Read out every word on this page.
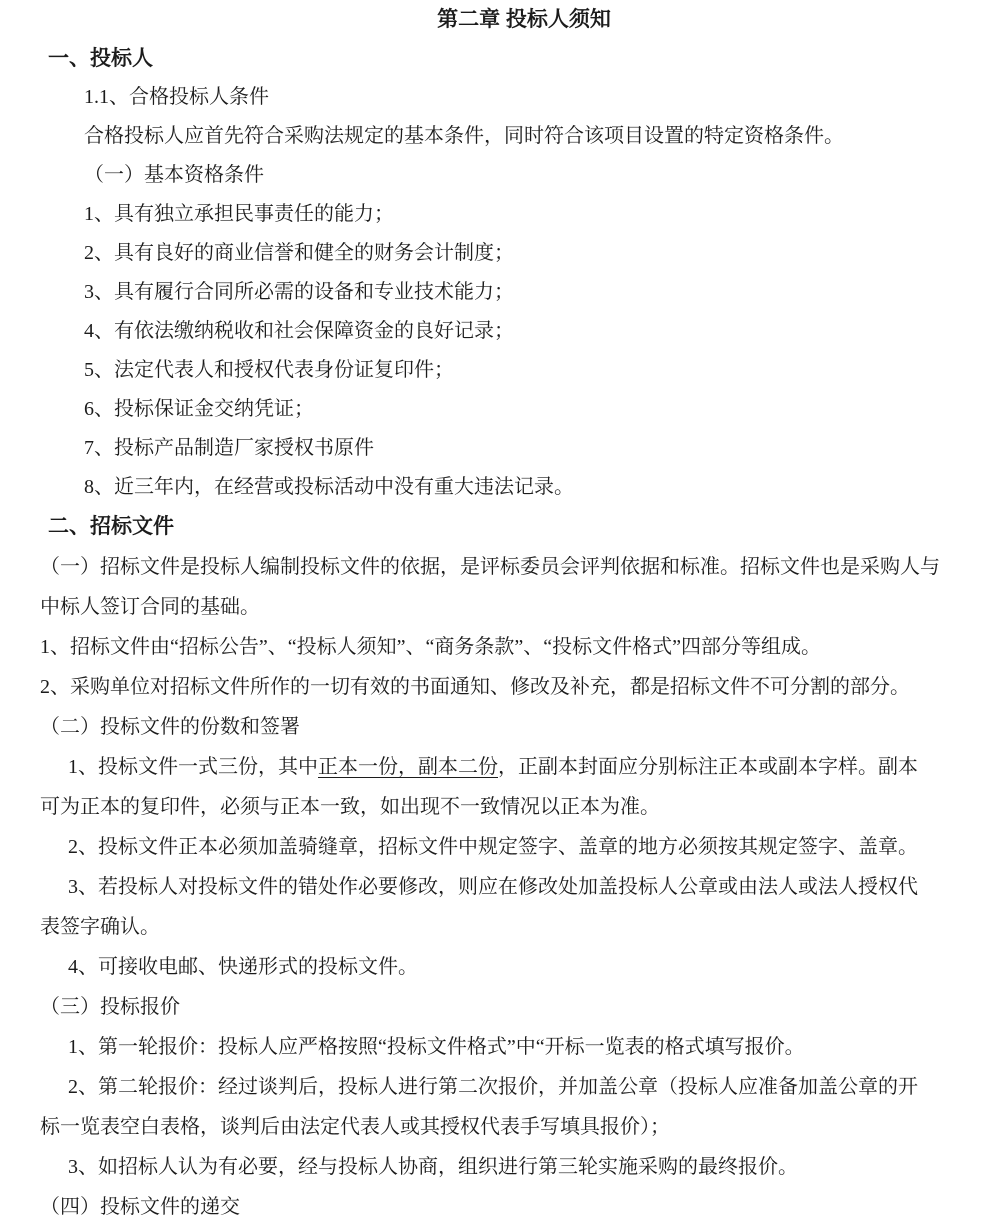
第二章 投标人须知
一、投标人
1.1、合格投标人条件
合格投标人应首先符合采购法规定的基本条件，同时符合该项目设置的特定资格条件。
（一）基本资格条件
1、具有独立承担民事责任的能力；
2、具有良好的商业信誉和健全的财务会计制度；
3、具有履行合同所必需的设备和专业技术能力；
4、有依法缴纳税收和社会保障资金的良好记录；
5、法定代表人和授权代表身份证复印件；
6、投标保证金交纳凭证；
7、投标产品制造厂家授权书原件
8、近三年内，在经营或投标活动中没有重大违法记录。
二、招标文件
（一）招标文件是投标人编制投标文件的依据，是评标委员会评判依据和标准。招标文件也是采购人与
中标人签订合同的基础。
1、招标文件由“招标公告”、“投标人须知”、“商务条款”、“投标文件格式”四部分等组成。
2、采购单位对招标文件所作的一切有效的书面通知、修改及补充，都是招标文件不可分割的部分。
（二）投标文件的份数和签署
1、投标文件一式三份，其中正本一份，副本二份，正副本封面应分别标注正本或副本字样。副本
可为正本的复印件，必须与正本一致，如出现不一致情况以正本为准。
2、投标文件正本必须加盖骑缝章，招标文件中规定签字、盖章的地方必须按其规定签字、盖章。
3、若投标人对投标文件的错处作必要修改，则应在修改处加盖投标人公章或由法人或法人授权代
表签字确认。
4、可接收电邮、快递形式的投标文件。
（三）投标报价
1、第一轮报价：投标人应严格按照“投标文件格式”中“开标一览表的格式填写报价。
2、第二轮报价：经过谈判后，投标人进行第二次报价，并加盖公章（投标人应准备加盖公章的开
标一览表空白表格，谈判后由法定代表人或其授权代表手写填具报价）；
3、如招标人认为有必要，经与投标人协商，组织进行第三轮实施采购的最终报价。
（四）投标文件的递交
